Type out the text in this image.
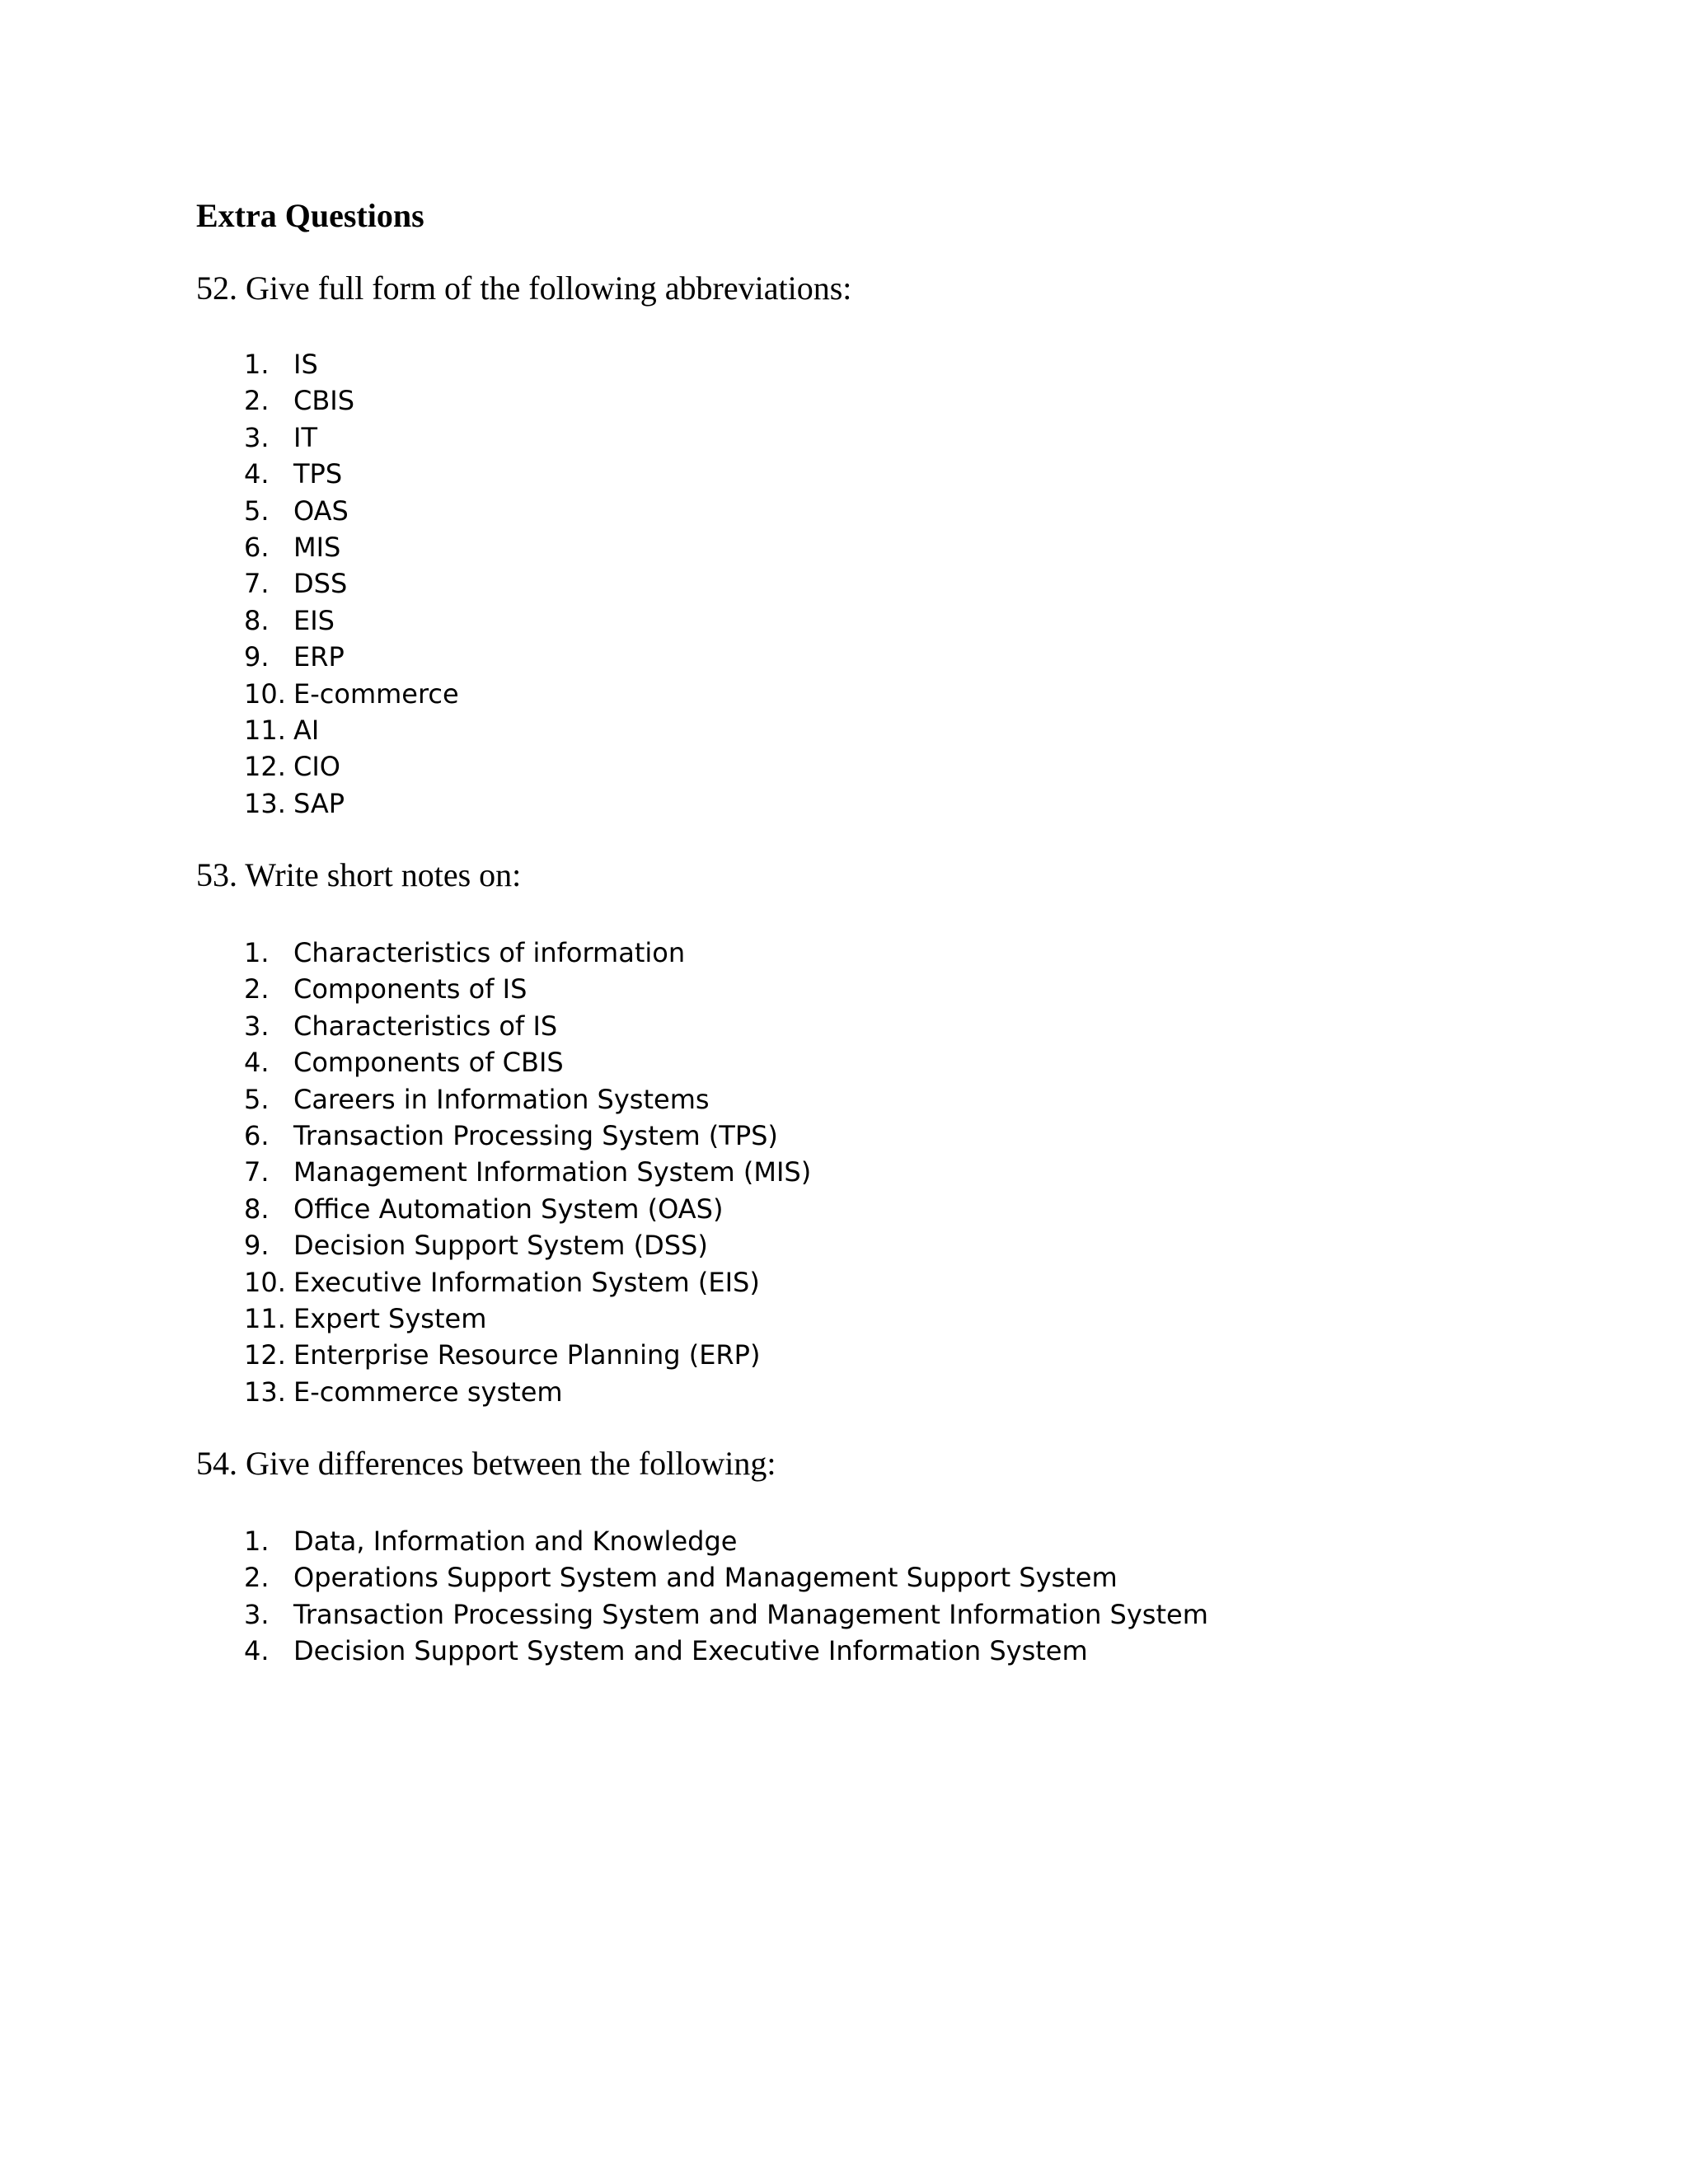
Extra Questions
52. Give full form of the following abbreviations:
1. IS
2. CBIS
3. IT
4. TPS
5. OAS
6. MIS
7. DSS
8. EIS
9. ERP
10. E-commerce
11. AI
12. CIO
13. SAP
53. Write short notes on:
1. Characteristics of information
2. Components of IS
3. Characteristics of IS
4. Components of CBIS
5. Careers in Information Systems
6. Transaction Processing System (TPS)
7. Management Information System (MIS)
8. Office Automation System (OAS)
9. Decision Support System (DSS)
10. Executive Information System (EIS)
11. Expert System
12. Enterprise Resource Planning (ERP)
13. E-commerce system
54. Give differences between the following:
1. Data, Information and Knowledge
2. Operations Support System and Management Support System
3. Transaction Processing System and Management Information System
4. Decision Support System and Executive Information System
